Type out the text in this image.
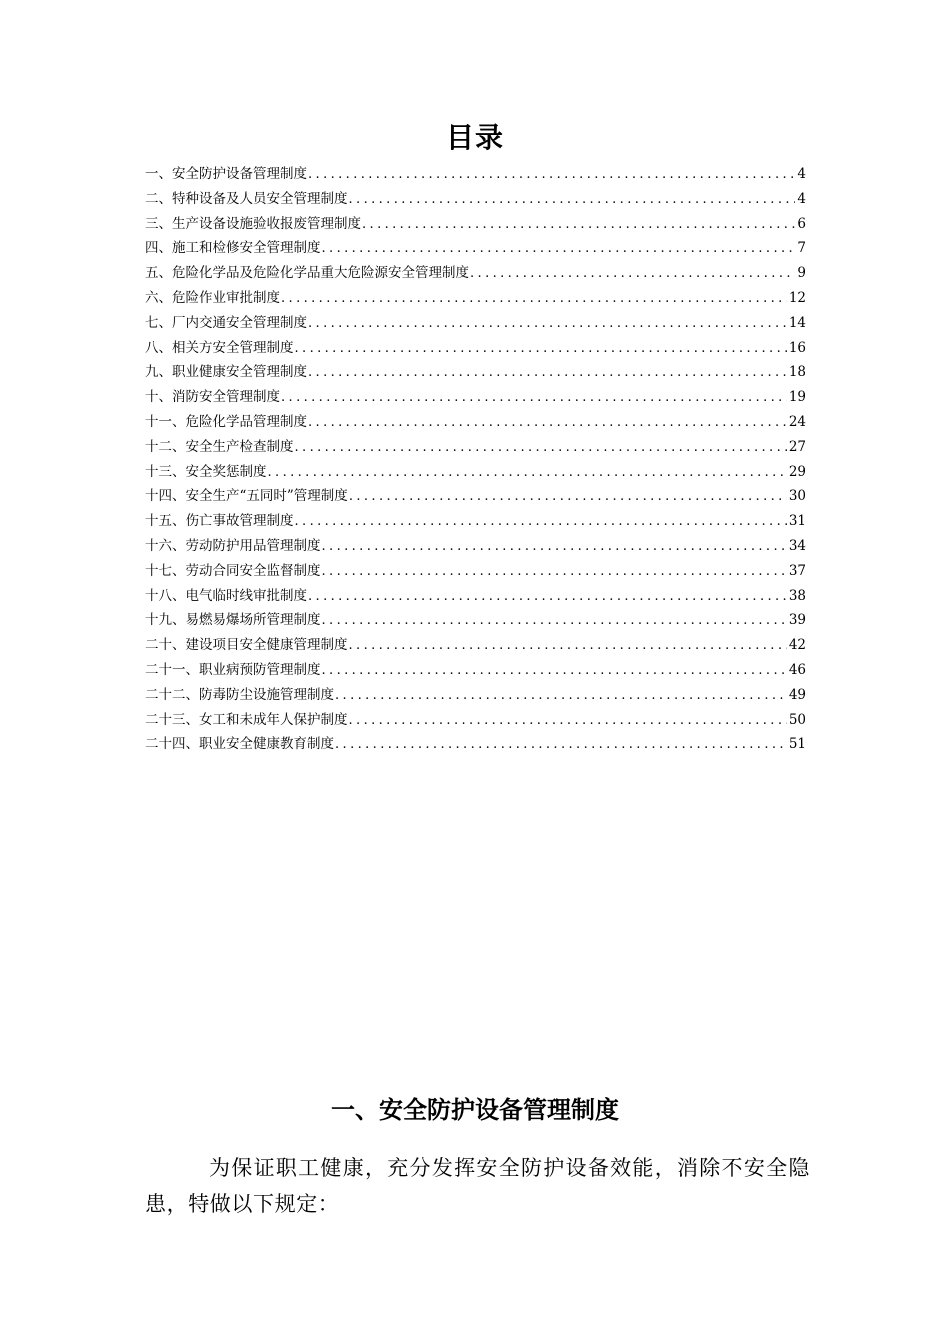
目录
一、安全防护设备管理制度 .....	4
二、特种设备及人员安全管理制度 .....	4
三、生产设备设施验收报废管理制度 .....	6
四、施工和检修安全管理制度 .....	7
五、危险化学品及危险化学品重大危险源安全管理制度 .....	9
六、危险作业审批制度 .....	12
七、厂内交通安全管理制度 .....	14
八、相关方安全管理制度 .....	16
九、职业健康安全管理制度 .....	18
十、消防安全管理制度 .....	19
十一、危险化学品管理制度 .....	24
十二、安全生产检查制度 .....	27
十三、安全奖惩制度 .....	29
十四、安全生产“五同时”管理制度 .....	30
十五、伤亡事故管理制度 .....	31
十六、劳动防护用品管理制度 .....	34
十七、劳动合同安全监督制度 .....	37
十八、电气临时线审批制度 .....	38
十九、易燃易爆场所管理制度 .....	39
二十、建设项目安全健康管理制度 .....	42
二十一、职业病预防管理制度 .....	46
二十二、防毒防尘设施管理制度 .....	49
二十三、女工和未成年人保护制度 .....	50
二十四、职业安全健康教育制度 .....	51
一、安全防护设备管理制度

为保证职工健康，充分发挥安全防护设备效能，消除不安全隐患，特做以下规定：
